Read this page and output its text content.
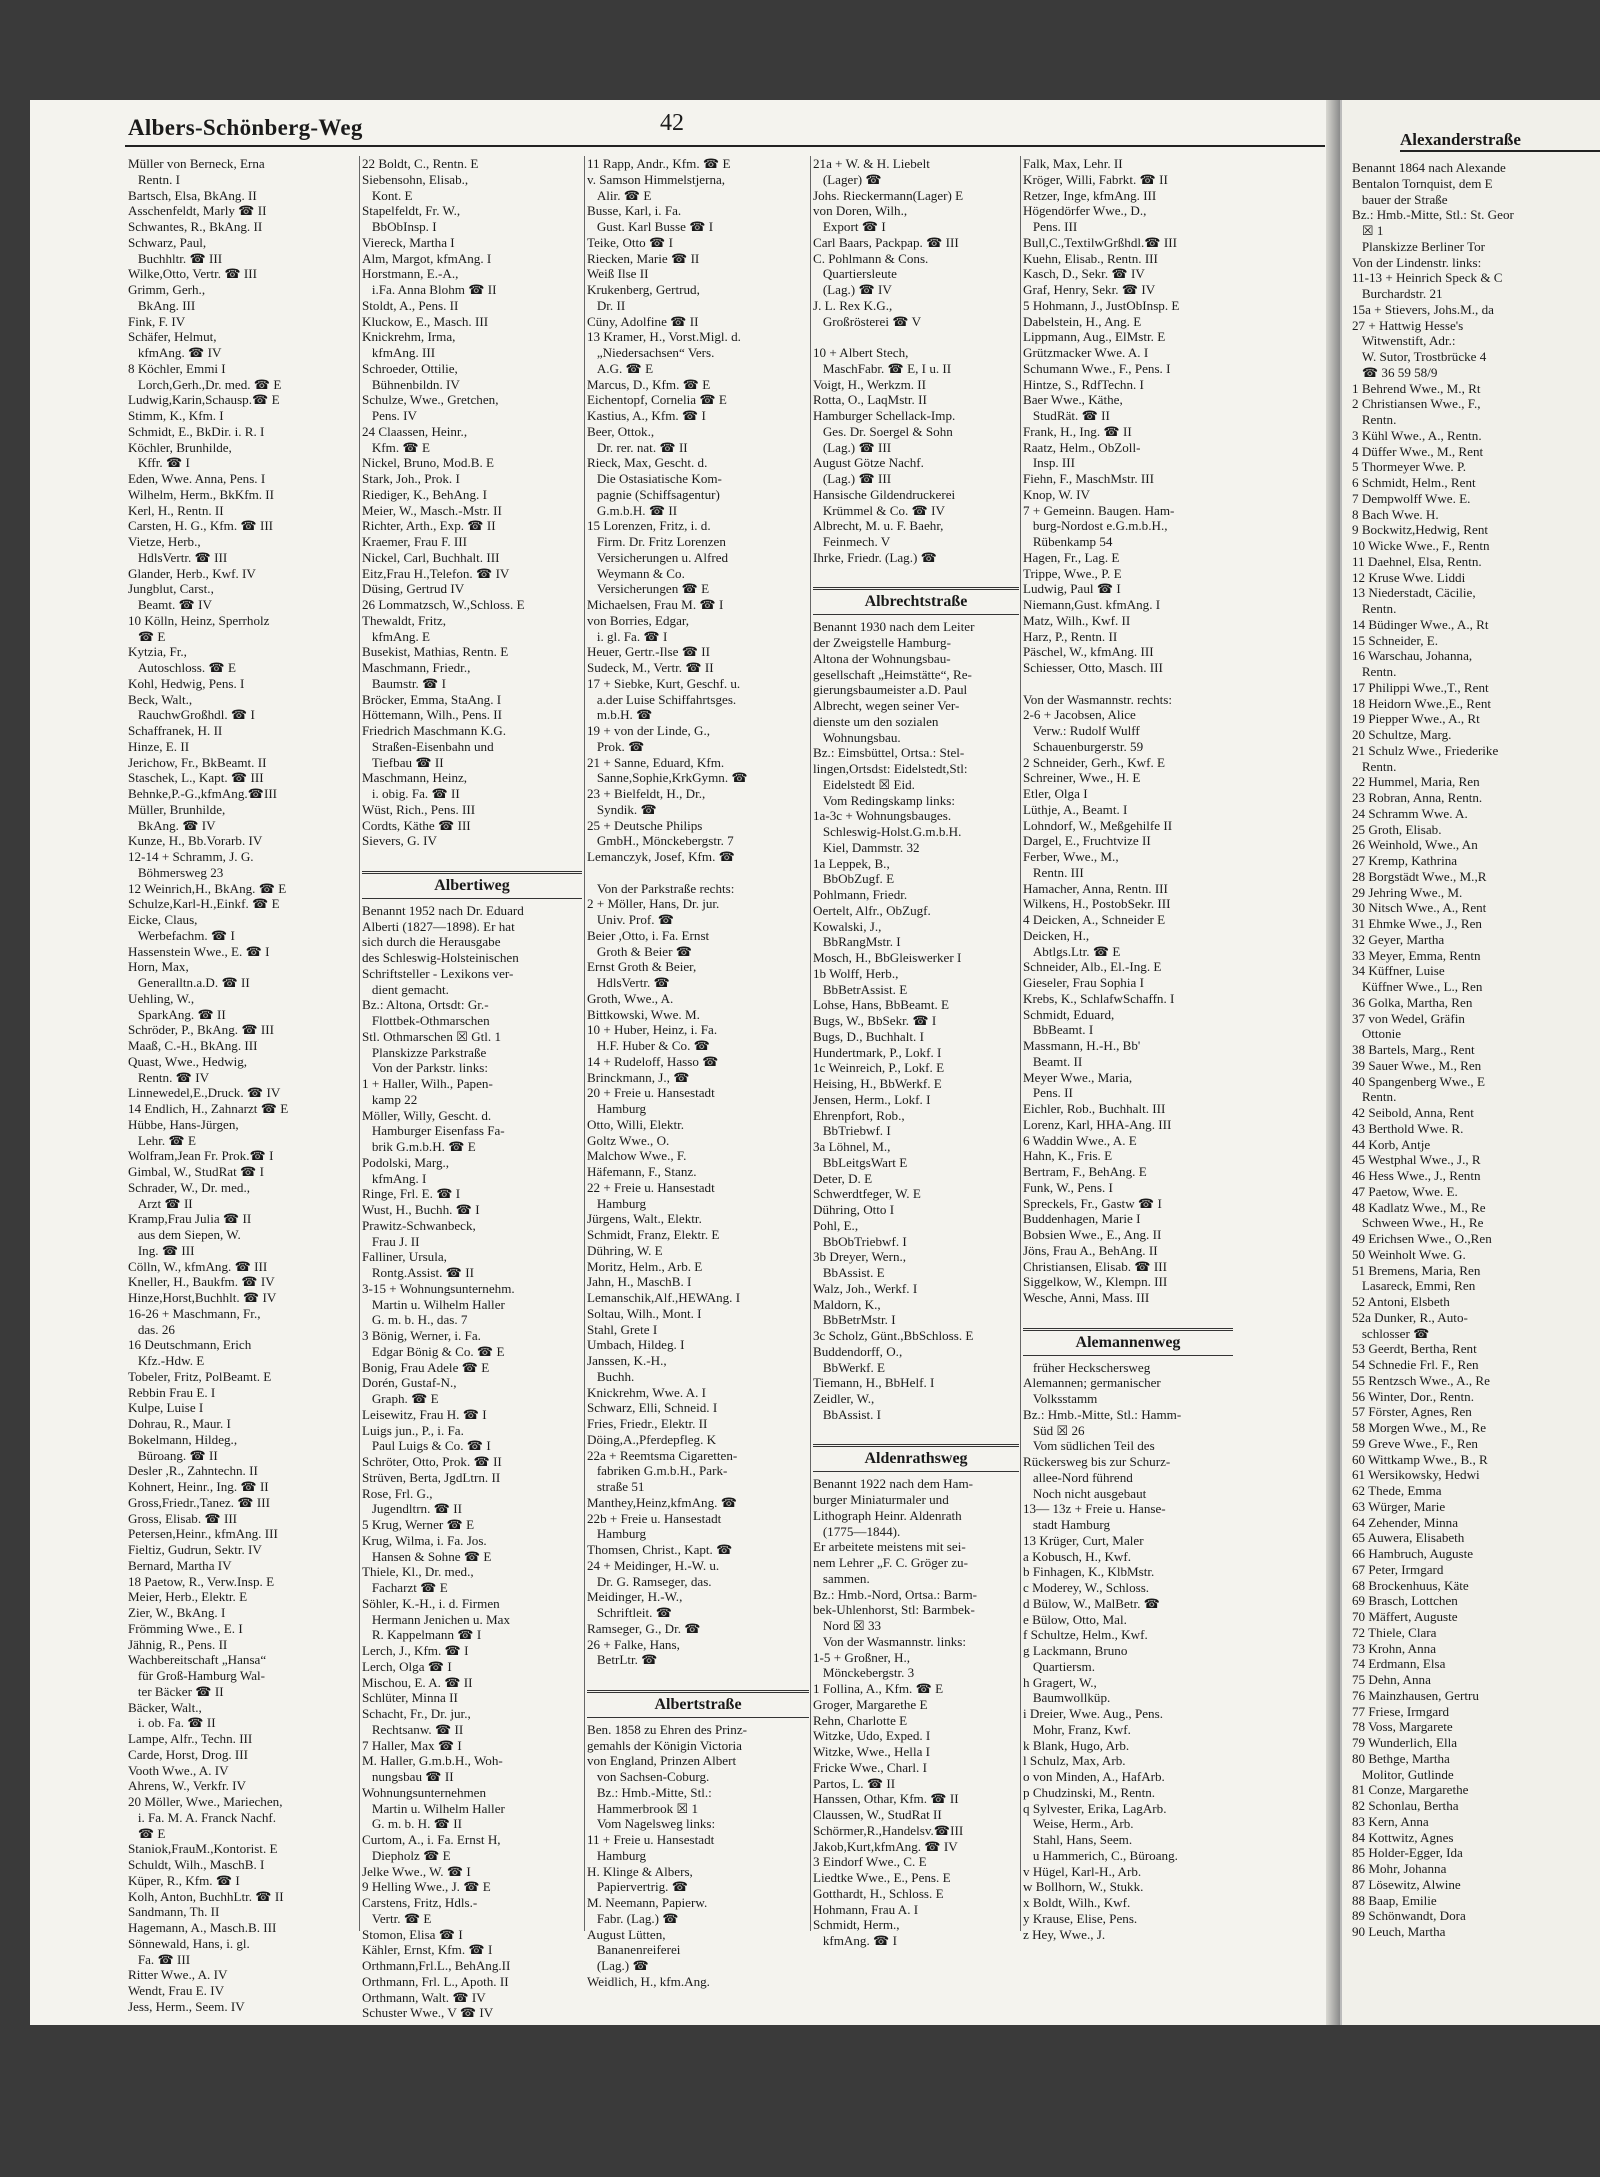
Albers-Schönberg-Weg	42
Alexanderstraße
Müller von Berneck, Erna
Rentn. I
Bartsch, Elsa, BkAng. II
Asschenfeldt, Marly ☎ II
Schwantes, R., BkAng. II
Schwarz, Paul,
Buchhltr. ☎ III
Wilke,Otto, Vertr. ☎ III
Grimm, Gerh.,
BkAng. III
Fink, F. IV
Schäfer, Helmut,
kfmAng. ☎ IV
8 Köchler, Emmi I
Lorch,Gerh.,Dr. med. ☎ E
Ludwig,Karin,Schausp.☎ E
Stimm, K., Kfm. I
Schmidt, E., BkDir. i. R. I
Köchler, Brunhilde,
Kffr. ☎ I
Eden, Wwe. Anna, Pens. I
Wilhelm, Herm., BkKfm. II
Kerl, H., Rentn. II
Carsten, H. G., Kfm. ☎ III
Vietze, Herb.,
HdlsVertr. ☎ III
Glander, Herb., Kwf. IV
Jungblut, Carst.,
Beamt. ☎ IV
10 Kölln, Heinz, Sperrholz
☎ E
Kytzia, Fr.,
Autoschloss. ☎ E
Kohl, Hedwig, Pens. I
Beck, Walt.,
RauchwGroßhdl. ☎ I
Schaffranek, H. II
Hinze, E. II
Jerichow, Fr., BkBeamt. II
Staschek, L., Kapt. ☎ III
Behnke,P.-G.,kfmAng.☎III
Müller, Brunhilde,
BkAng. ☎ IV
Kunze, H., Bb.Vorarb. IV
12-14 + Schramm, J. G.
Böhmersweg 23
12 Weinrich,H., BkAng. ☎ E
Schulze,Karl-H.,Einkf. ☎ E
Eicke, Claus,
Werbefachm. ☎ I
Hassenstein Wwe., E. ☎ I
Horn, Max,
Generalltn.a.D. ☎ II
Uehling, W.,
SparkAng. ☎ II
Schröder, P., BkAng. ☎ III
Maaß, C.-H., BkAng. III
Quast, Wwe., Hedwig,
Rentn. ☎ IV
Linnewedel,E.,Druck. ☎ IV
14 Endlich, H., Zahnarzt ☎ E
Hübbe, Hans-Jürgen,
Lehr. ☎ E
Wolfram,Jean Fr. Prok.☎ I
Gimbal, W., StudRat ☎ I
Schrader, W., Dr. med.,
Arzt ☎ II
Kramp,Frau Julia ☎ II
aus dem Siepen, W.
Ing. ☎ III
Cölln, W., kfmAng. ☎ III
Kneller, H., Baukfm. ☎ IV
Hinze,Horst,Buchhlt. ☎ IV
16-26 + Maschmann, Fr.,
das. 26
16 Deutschmann, Erich
Kfz.-Hdw. E
Tobeler, Fritz, PolBeamt. E
Rebbin Frau E. I
Kulpe, Luise I
Dohrau, R., Maur. I
Bokelmann, Hildeg.,
Büroang. ☎ II
Desler ,R., Zahntechn. II
Kohnert, Heinr., Ing. ☎ II
Gross,Friedr.,Tanez. ☎ III
Gross, Elisab. ☎ III
Petersen,Heinr., kfmAng. III
Fieltiz, Gudrun, Sektr. IV
Bernard, Martha IV
18 Paetow, R., Verw.Insp. E
Meier, Herb., Elektr. E
Zier, W., BkAng. I
Frömming Wwe., E. I
Jähnig, R., Pens. II
Wachbereitschaft „Hansa“
für Groß-Hamburg Wal-
ter Bäcker ☎ II
Bäcker, Walt.,
i. ob. Fa. ☎ II
Lampe, Alfr., Techn. III
Carde, Horst, Drog. III
Vooth Wwe., A. IV
Ahrens, W., Verkfr. IV
20 Möller, Wwe., Mariechen,
i. Fa. M. A. Franck Nachf.
☎ E
Staniok,FrauM.,Kontorist. E
Schuldt, Wilh., MaschB. I
Küper, R., Kfm. ☎ I
Kolh, Anton, BuchhLtr. ☎ II
Sandmann, Th. II
Hagemann, A., Masch.B. III
Sönnewald, Hans, i. gl.
Fa. ☎ III
Ritter Wwe., A. IV
Wendt, Frau E. IV
Jess, Herm., Seem. IV
22 Boldt, C., Rentn. E
Siebensohn, Elisab.,
Kont. E
Stapelfeldt, Fr. W.,
BbObInsp. I
Viereck, Martha I
Alm, Margot, kfmAng. I
Horstmann, E.-A.,
i.Fa. Anna Blohm ☎ II
Stoldt, A., Pens. II
Kluckow, E., Masch. III
Knickrehm, Irma,
kfmAng. III
Schroeder, Ottilie,
Bühnenbildn. IV
Schulze, Wwe., Gretchen,
Pens. IV
24 Claassen, Heinr.,
Kfm. ☎ E
Nickel, Bruno, Mod.B. E
Stark, Joh., Prok. I
Riediger, K., BehAng. I
Meier, W., Masch.-Mstr. II
Richter, Arth., Exp. ☎ II
Kraemer, Frau F. III
Nickel, Carl, Buchhalt. III
Eitz,Frau H.,Telefon. ☎ IV
Düsing, Gertrud IV
26 Lommatzsch, W.,Schloss. E
Thewaldt, Fritz,
kfmAng. E
Busekist, Mathias, Rentn. E
Maschmann, Friedr.,
Baumstr. ☎ I
Bröcker, Emma, StaAng. I
Höttemann, Wilh., Pens. II
Friedrich Maschmann K.G.
Straßen-Eisenbahn und
Tiefbau ☎ II
Maschmann, Heinz,
i. obig. Fa. ☎ II
Wüst, Rich., Pens. III
Cordts, Käthe ☎ III
Sievers, G. IV

Albertiweg
Benannt 1952 nach Dr. Eduard
Alberti (1827—1898). Er hat
sich durch die Herausgabe
des Schleswig-Holsteinischen
Schriftsteller - Lexikons ver-
dient gemacht.
Bz.: Altona, Ortsdt: Gr.-
Flottbek-Othmarschen
Stl. Othmarschen ☒ Gtl. 1
Planskizze Parkstraße
Von der Parkstr. links:
1 + Haller, Wilh., Papen-
kamp 22
Möller, Willy, Gescht. d.
Hamburger Eisenfass Fa-
brik G.m.b.H. ☎ E
Podolski, Marg.,
kfmAng. I
Ringe, Frl. E. ☎ I
Wust, H., Buchh. ☎ I
Prawitz-Schwanbeck,
Frau J. II
Falliner, Ursula,
Rontg.Assist. ☎ II
3-15 + Wohnungsunternehm.
Martin u. Wilhelm Haller
G. m. b. H., das. 7
3 Bönig, Werner, i. Fa.
Edgar Bönig & Co. ☎ E
Bonig, Frau Adele ☎ E
Dorén, Gustaf-N.,
Graph. ☎ E
Leisewitz, Frau H. ☎ I
Luigs jun., P., i. Fa.
Paul Luigs & Co. ☎ I
Schröter, Otto, Prok. ☎ II
Strüven, Berta, JgdLtrn. II
Rose, Frl. G.,
Jugendltrn. ☎ II
5 Krug, Werner ☎ E
Krug, Wilma, i. Fa. Jos.
Hansen & Sohne ☎ E
Thiele, Kl., Dr. med.,
Facharzt ☎ E
Söhler, K.-H., i. d. Firmen
Hermann Jenichen u. Max
R. Kappelmann ☎ I
Lerch, J., Kfm. ☎ I
Lerch, Olga ☎ I
Mischou, E. A. ☎ II
Schlüter, Minna II
Schacht, Fr., Dr. jur.,
Rechtsanw. ☎ II
7 Haller, Max ☎ I
M. Haller, G.m.b.H., Woh-
nungsbau ☎ II
Wohnungsunternehmen
Martin u. Wilhelm Haller
G. m. b. H. ☎ II
Curtom, A., i. Fa. Ernst H,
Diepholz ☎ E
Jelke Wwe., W. ☎ I
9 Helling Wwe., J. ☎ E
Carstens, Fritz, Hdls.-
Vertr. ☎ E
Stomon, Elisa ☎ I
Kähler, Ernst, Kfm. ☎ I
Orthmann,Frl.L., BehAng.II
Orthmann, Frl. L., Apoth. II
Orthmann, Walt. ☎ IV
Schuster Wwe., V ☎ IV
11 Rapp, Andr., Kfm. ☎ E
v. Samson Himmelstjerna,
Alir. ☎ E
Busse, Karl, i. Fa.
Gust. Karl Busse ☎ I
Teike, Otto ☎ I
Riecken, Marie ☎ II
Weiß Ilse II
Krukenberg, Gertrud,
Dr. II
Cüny, Adolfine ☎ II
13 Kramer, H., Vorst.Migl. d.
„Niedersachsen“ Vers.
A.G. ☎ E
Marcus, D., Kfm. ☎ E
Eichentopf, Cornelia ☎ E
Kastius, A., Kfm. ☎ I
Beer, Ottok.,
Dr. rer. nat. ☎ II
Rieck, Max, Gescht. d.
Die Ostasiatische Kom-
pagnie (Schiffsagentur)
G.m.b.H. ☎ II
15 Lorenzen, Fritz, i. d.
Firm. Dr. Fritz Lorenzen
Versicherungen u. Alfred
Weymann & Co.
Versicherungen ☎ E
Michaelsen, Frau M. ☎ I
von Borries, Edgar,
i. gl. Fa. ☎ I
Heuer, Gertr.-Ilse ☎ II
Sudeck, M., Vertr. ☎ II
17 + Siebke, Kurt, Geschf. u.
a.der Luise Schiffahrtsges.
m.b.H. ☎
19 + von der Linde, G.,
Prok. ☎
21 + Sanne, Eduard, Kfm.
Sanne,Sophie,KrkGymn. ☎
23 + Bielfeldt, H., Dr.,
Syndik. ☎
25 + Deutsche Philips
GmbH., Mönckebergstr. 7
Lemanczyk, Josef, Kfm. ☎

Von der Parkstraße rechts:
2 + Möller, Hans, Dr. jur.
Univ. Prof. ☎
Beier ,Otto, i. Fa. Ernst
Groth & Beier ☎
Ernst Groth & Beier,
HdlsVertr. ☎
Groth, Wwe., A.
Bittkowski, Wwe. M.
10 + Huber, Heinz, i. Fa.
H.F. Huber & Co. ☎
14 + Rudeloff, Hasso ☎
Brinckmann, J., ☎
20 + Freie u. Hansestadt
Hamburg
Otto, Willi, Elektr.
Goltz Wwe., O.
Malchow Wwe., F.
Häfemann, F., Stanz.
22 + Freie u. Hansestadt
Hamburg
Jürgens, Walt., Elektr.
Schmidt, Franz, Elektr. E
Dühring, W. E
Moritz, Helm., Arb. E
Jahn, H., MaschB. I
Lemanschik,Alf.,HEWAng. I
Soltau, Wilh., Mont. I
Stahl, Grete I
Umbach, Hildeg. I
Janssen, K.-H.,
Buchh.
Knickrehm, Wwe. A. I
Schwarz, Elli, Schneid. I
Fries, Friedr., Elektr. II
Döing,A.,Pferdepfleg. K
22a + Reemtsma Cigaretten-
fabriken G.m.b.H., Park-
straße 51
Manthey,Heinz,kfmAng. ☎
22b + Freie u. Hansestadt
Hamburg
Thomsen, Christ., Kapt. ☎
24 + Meidinger, H.-W. u.
Dr. G. Ramseger, das.
Meidinger, H.-W.,
Schriftleit. ☎
Ramseger, G., Dr. ☎
26 + Falke, Hans,
BetrLtr. ☎

Albertstraße
Ben. 1858 zu Ehren des Prinz-
gemahls der Königin Victoria
von England, Prinzen Albert
von Sachsen-Coburg.
Bz.: Hmb.-Mitte, Stl.:
Hammerbrook ☒ 1
Vom Nagelsweg links:
11 + Freie u. Hansestadt
Hamburg
H. Klinge & Albers,
Papiervertrig. ☎
M. Neemann, Papierw.
Fabr. (Lag.) ☎
August Lütten,
Bananenreiferei
(Lag.) ☎
Weidlich, H., kfm.Ang.
21a + W. & H. Liebelt
(Lager) ☎
Johs. Rieckermann(Lager) E
von Doren, Wilh.,
Export ☎ I
Carl Baars, Packpap. ☎ III
C. Pohlmann & Cons.
Quartiersleute
(Lag.) ☎ IV
J. L. Rex K.G.,
Großrösterei ☎ V

10 + Albert Stech,
MaschFabr. ☎ E, I u. II
Voigt, H., Werkzm. II
Rotta, O., LaqMstr. II
Hamburger Schellack-Imp.
Ges. Dr. Soergel & Sohn
(Lag.) ☎ III
August Götze Nachf.
(Lag.) ☎ III
Hansische Gildendruckerei
Krümmel & Co. ☎ IV
Albrecht, M. u. F. Baehr,
Feinmech. V
Ihrke, Friedr. (Lag.) ☎

Albrechtstraße
Benannt 1930 nach dem Leiter
der Zweigstelle Hamburg-
Altona der Wohnungsbau-
gesellschaft „Heimstätte“, Re-
gierungsbaumeister a.D. Paul
Albrecht, wegen seiner Ver-
dienste um den sozialen
Wohnungsbau.
Bz.: Eimsbüttel, Ortsa.: Stel-
lingen,Ortsdst: Eidelstedt,Stl:
Eidelstedt ☒ Eid.
Vom Redingskamp links:
1a-3c + Wohnungsbauges.
Schleswig-Holst.G.m.b.H.
Kiel, Dammstr. 32
1a Leppek, B.,
BbObZugf. E
Pohlmann, Friedr.
Oertelt, Alfr., ObZugf.
Kowalski, J.,
BbRangMstr. I
Mosch, H., BbGleiswerker I
1b Wolff, Herb.,
BbBetrAssist. E
Lohse, Hans, BbBeamt. E
Bugs, W., BbSekr. ☎ I
Bugs, D., Buchhalt. I
Hundertmark, P., Lokf. I
1c Weinreich, P., Lokf. E
Heising, H., BbWerkf. E
Jensen, Herm., Lokf. I
Ehrenpfort, Rob.,
BbTriebwf. I
3a Löhnel, M.,
BbLeitgsWart E
Deter, D. E
Schwerdtfeger, W. E
Dühring, Otto I
Pohl, E.,
BbObTriebwf. I
3b Dreyer, Wern.,
BbAssist. E
Walz, Joh., Werkf. I
Maldorn, K.,
BbBetrMstr. I
3c Scholz, Günt.,BbSchloss. E
Buddendorff, O.,
BbWerkf. E
Tiemann, H., BbHelf. I
Zeidler, W.,
BbAssist. I

Aldenrathsweg
Benannt 1922 nach dem Ham-
burger Miniaturmaler und
Lithograph Heinr. Aldenrath
(1775—1844).
Er arbeitete meistens mit sei-
nem Lehrer „F. C. Gröger zu-
sammen.
Bz.: Hmb.-Nord, Ortsa.: Barm-
bek-Uhlenhorst, Stl: Barmbek-
Nord ☒ 33
Von der Wasmannstr. links:
1-5 + Großner, H.,
Mönckebergstr. 3
1 Follina, A., Kfm. ☎ E
Groger, Margarethe E
Rehn, Charlotte E
Witzke, Udo, Exped. I
Witzke, Wwe., Hella I
Fricke Wwe., Charl. I
Partos, L. ☎ II
Hanssen, Othar, Kfm. ☎ II
Claussen, W., StudRat II
Schörmer,R.,Handelsv.☎III
Jakob,Kurt,kfmAng. ☎ IV
3 Eindorf Wwe., C. E
Liedtke Wwe., E., Pens. E
Gotthardt, H., Schloss. E
Hohmann, Frau A. I
Schmidt, Herm.,
kfmAng. ☎ I
Falk, Max, Lehr. II
Kröger, Willi, Fabrkt. ☎ II
Retzer, Inge, kfmAng. III
Högendörfer Wwe., D.,
Pens. III
Bull,C.,TextilwGrßhdl.☎ III
Kuehn, Elisab., Rentn. III
Kasch, D., Sekr. ☎ IV
Graf, Henry, Sekr. ☎ IV
5 Hohmann, J., JustObInsp. E
Dabelstein, H., Ang. E
Lippmann, Aug., ElMstr. E
Grützmacker Wwe. A. I
Schumann Wwe., F., Pens. I
Hintze, S., RdfTechn. I
Baer Wwe., Käthe,
StudRät. ☎ II
Frank, H., Ing. ☎ II
Raatz, Helm., ObZoll-
Insp. III
Fiehn, F., MaschMstr. III
Knop, W. IV
7 + Gemeinn. Baugen. Ham-
burg-Nordost e.G.m.b.H.,
Rübenkamp 54
Hagen, Fr., Lag. E
Trippe, Wwe., P. E
Ludwig, Paul ☎ I
Niemann,Gust. kfmAng. I
Matz, Wilh., Kwf. II
Harz, P., Rentn. II
Päschel, W., kfmAng. III
Schiesser, Otto, Masch. III

Von der Wasmannstr. rechts:
2-6 + Jacobsen, Alice
Verw.: Rudolf Wulff
Schauenburgerstr. 59
2 Schneider, Gerh., Kwf. E
Schreiner, Wwe., H. E
Etler, Olga I
Lüthje, A., Beamt. I
Lohndorf, W., Meßgehilfe II
Dargel, E., Fruchtvize II
Ferber, Wwe., M.,
Rentn. III
Hamacher, Anna, Rentn. III
Wilkens, H., PostobSekr. III
4 Deicken, A., Schneider E
Deicken, H.,
Abtlgs.Ltr. ☎ E
Schneider, Alb., El.-Ing. E
Gieseler, Frau Sophia I
Krebs, K., SchlafwSchaffn. I
Schmidt, Eduard,
BbBeamt. I
Massmann, H.-H., Bb'
Beamt. II
Meyer Wwe., Maria,
Pens. II
Eichler, Rob., Buchhalt. III
Lorenz, Karl, HHA-Ang. III
6 Waddin Wwe., A. E
Hahn, K., Fris. E
Bertram, F., BehAng. E
Funk, W., Pens. I
Spreckels, Fr., Gastw ☎ I
Buddenhagen, Marie I
Bobsien Wwe., E., Ang. II
Jöns, Frau A., BehAng. II
Christiansen, Elisab. ☎ III
Siggelkow, W., Klempn. III
Wesche, Anni, Mass. III

Alemannenweg
früher Heckschersweg
Alemannen; germanischer
Volksstamm
Bz.: Hmb.-Mitte, Stl.: Hamm-
Süd ☒ 26
Vom südlichen Teil des
Rückersweg bis zur Schurz-
allee-Nord führend
Noch nicht ausgebaut
13— 13z + Freie u. Hanse-
stadt Hamburg
13 Krüger, Curt, Maler
a Kobusch, H., Kwf.
b Finhagen, K., KlbMstr.
c Moderey, W., Schloss.
d Bülow, W., MalBetr. ☎
e Bülow, Otto, Mal.
f Schultze, Helm., Kwf.
g Lackmann, Bruno
Quartiersm.
h Gragert, W.,
Baumwollküp.
i Dreier, Wwe. Aug., Pens.
Mohr, Franz, Kwf.
k Blank, Hugo, Arb.
l Schulz, Max, Arb.
o von Minden, A., HafArb.
p Chudzinski, M., Rentn.
q Sylvester, Erika, LagArb.
Weise, Herm., Arb.
Stahl, Hans, Seem.
u Hammerich, C., Büroang.
v Hügel, Karl-H., Arb.
w Bollhorn, W., Stukk.
x Boldt, Wilh., Kwf.
y Krause, Elise, Pens.
z Hey, Wwe., J.
Benannt 1864 nach Alexande
Bentalon Tornquist, dem E
bauer der Straße
Bz.: Hmb.-Mitte, Stl.: St. Geor
☒ 1
Planskizze Berliner Tor
Von der Lindenstr. links:
11-13 + Heinrich Speck & C
Burchardstr. 21
15a + Stievers, Johs.M., da
27 + Hattwig Hesse's
Witwenstift, Adr.:
W. Sutor, Trostbrücke 4
☎ 36 59 58/9
1 Behrend Wwe., M., Rt
2 Christiansen Wwe., F.,
Rentn.
3 Kühl Wwe., A., Rentn.
4 Düffer Wwe., M., Rent
5 Thormeyer Wwe. P.
6 Schmidt, Helm., Rent
7 Dempwolff Wwe. E.
8 Bach Wwe. H.
9 Bockwitz,Hedwig, Rent
10 Wicke Wwe., F., Rentn
11 Daehnel, Elsa, Rentn.
12 Kruse Wwe. Liddi
13 Niederstadt, Cäcilie,
Rentn.
14 Büdinger Wwe., A., Rt
15 Schneider, E.
16 Warschau, Johanna,
Rentn.
17 Philippi Wwe.,T., Rent
18 Heidorn Wwe.,E., Rent
19 Piepper Wwe., A., Rt
20 Schultze, Marg.
21 Schulz Wwe., Friederike
Rentn.
22 Hummel, Maria, Ren
23 Robran, Anna, Rentn.
24 Schramm Wwe. A.
25 Groth, Elisab.
26 Weinhold, Wwe., An
27 Kremp, Kathrina
28 Borgstädt Wwe., M.,R
29 Jehring Wwe., M.
30 Nitsch Wwe., A., Rent
31 Ehmke Wwe., J., Ren
32 Geyer, Martha
33 Meyer, Emma, Rentn
34 Küffner, Luise
Küffner Wwe., L., Ren
36 Golka, Martha, Ren
37 von Wedel, Gräfin
Ottonie
38 Bartels, Marg., Rent
39 Sauer Wwe., M., Ren
40 Spangenberg Wwe., E
Rentn.
42 Seibold, Anna, Rent
43 Berthold Wwe. R.
44 Korb, Antje
45 Westphal Wwe., J., R
46 Hess Wwe., J., Rentn
47 Paetow, Wwe. E.
48 Kadlatz Wwe., M., Re
Schween Wwe., H., Re
49 Erichsen Wwe., O.,Ren
50 Weinholt Wwe. G.
51 Bremens, Maria, Ren
Lasareck, Emmi, Ren
52 Antoni, Elsbeth
52a Dunker, R., Auto-
schlosser ☎
53 Geerdt, Bertha, Rent
54 Schnedie Frl. F., Ren
55 Rentzsch Wwe., A., Re
56 Winter, Dor., Rentn.
57 Förster, Agnes, Ren
58 Morgen Wwe., M., Re
59 Greve Wwe., F., Ren
60 Wittkamp Wwe., B., R
61 Wersikowsky, Hedwi
62 Thede, Emma
63 Würger, Marie
64 Zehender, Minna
65 Auwera, Elisabeth
66 Hambruch, Auguste
67 Peter, Irmgard
68 Brockenhuus, Käte
69 Brasch, Lottchen
70 Mäffert, Auguste
72 Thiele, Clara
73 Krohn, Anna
74 Erdmann, Elsa
75 Dehn, Anna
76 Mainzhausen, Gertru
77 Friese, Irmgard
78 Voss, Margarete
79 Wunderlich, Ella
80 Bethge, Martha
Molitor, Gutlinde
81 Conze, Margarethe
82 Schonlau, Bertha
83 Kern, Anna
84 Kottwitz, Agnes
85 Holder-Egger, Ida
86 Mohr, Johanna
87 Lösewitz, Alwine
88 Baap, Emilie
89 Schönwandt, Dora
90 Leuch, Martha
